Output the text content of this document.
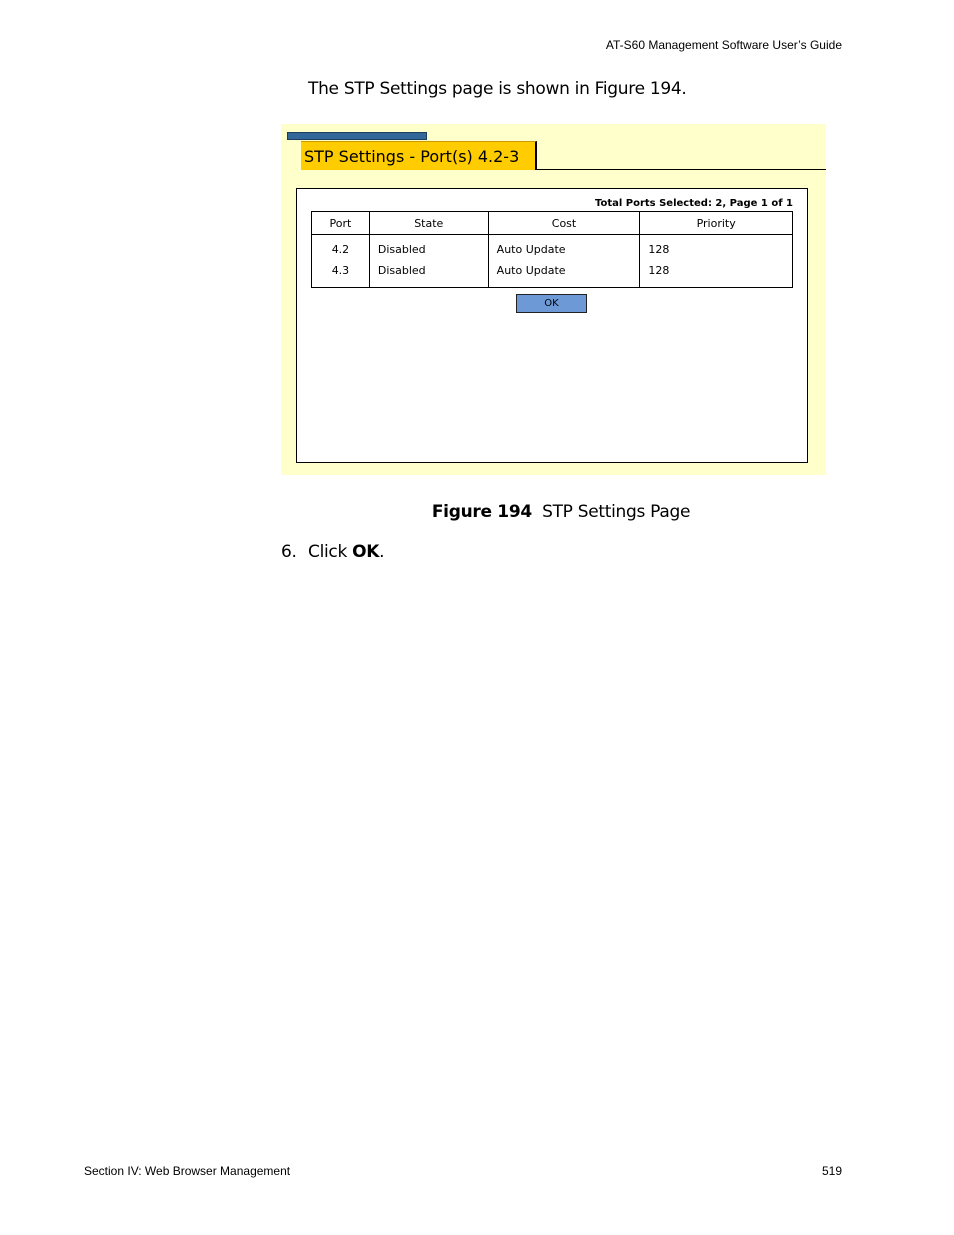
AT-S60 Management Software User’s Guide
The STP Settings page is shown in Figure 194.
STP Settings - Port(s) 4.2-3
Total Ports Selected: 2, Page 1 of 1
Port	State	Cost	Priority
4.2	Disabled	Auto Update	128
4.3	Disabled	Auto Update	128
OK
Figure 194 STP Settings Page
6. Click OK.
Section IV: Web Browser Management	519
